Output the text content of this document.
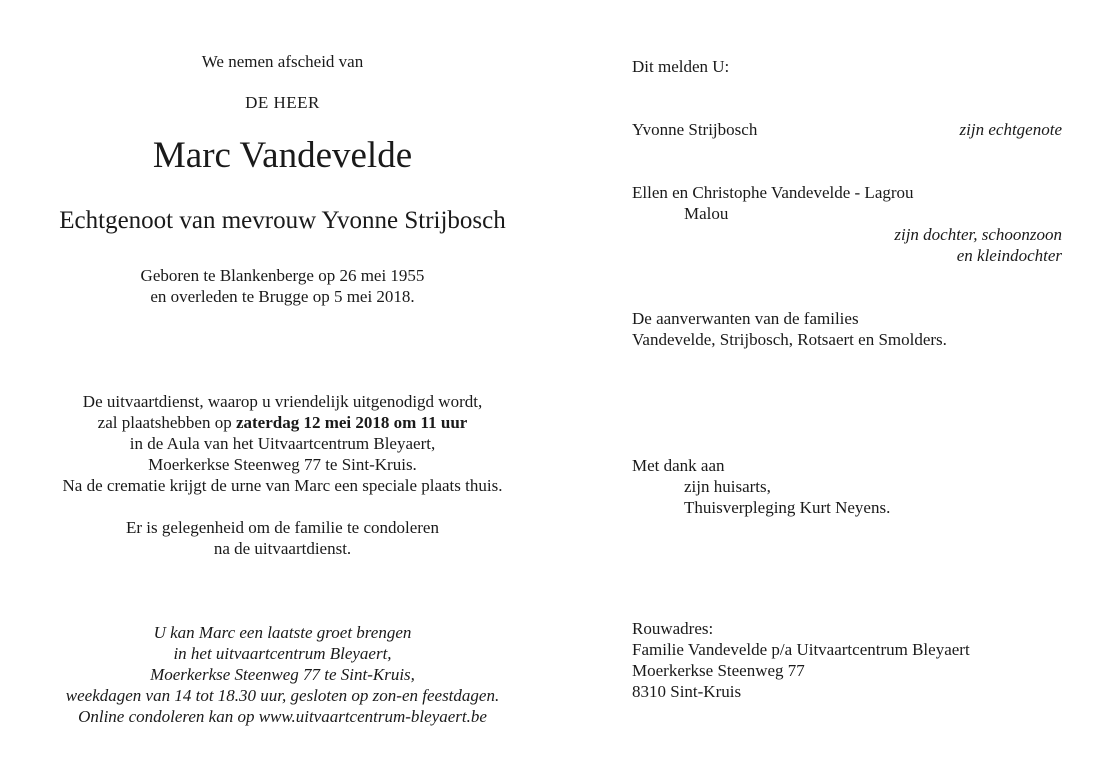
We nemen afscheid van
DE HEER
Marc Vandevelde
Echtgenoot van mevrouw Yvonne Strijbosch
Geboren te Blankenberge op 26 mei 1955
en overleden te Brugge op 5 mei 2018.
De uitvaartdienst, waarop u vriendelijk uitgenodigd wordt,
zal plaatshebben op zaterdag 12 mei 2018 om 11 uur
in de Aula van het Uitvaartcentrum Bleyaert,
Moerkerkse Steenweg 77 te Sint-Kruis.
Na de crematie krijgt de urne van Marc een speciale plaats thuis.
Er is gelegenheid om de familie te condoleren
na de uitvaartdienst.
U kan Marc een laatste groet brengen
in het uitvaartcentrum Bleyaert,
Moerkerkse Steenweg 77 te Sint-Kruis,
weekdagen van 14 tot 18.30 uur, gesloten op zon-en feestdagen.
Online condoleren kan op www.uitvaartcentrum-bleyaert.be
Dit melden U:
Yvonne Strijbosch	zijn echtgenote
Ellen en Christophe Vandevelde - Lagrou
Malou
zijn dochter, schoonzoon
en kleindochter
De aanverwanten van de families
Vandevelde, Strijbosch, Rotsaert en Smolders.
Met dank aan
zijn huisarts,
Thuisverpleging Kurt Neyens.
Rouwadres:
Familie Vandevelde p/a Uitvaartcentrum Bleyaert
Moerkerkse Steenweg 77
8310 Sint-Kruis
